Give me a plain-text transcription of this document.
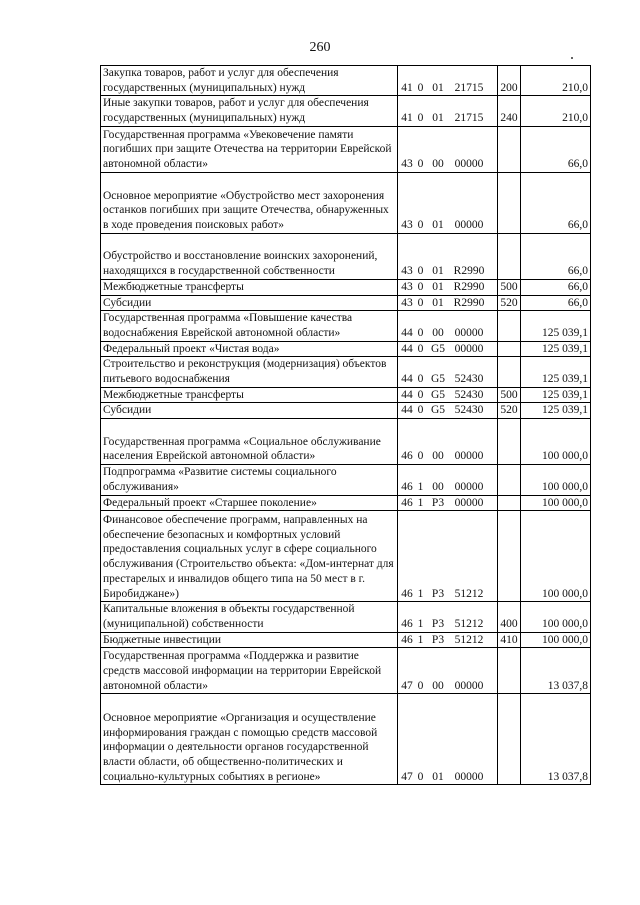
260
Закупка товаров, работ и услуг для обеспечения государственных (муниципальных) нужд	41 0 01 21715	200	210,0
Иные закупки товаров, работ и услуг для обеспечения государственных (муниципальных) нужд	41 0 01 21715	240	210,0
Государственная программа «Увековечение памяти погибших при защите Отечества на территории Еврейской автономной области»	43 0 00 00000		66,0
Основное мероприятие «Обустройство мест захоронения останков погибших при защите Отечества, обнаруженных в ходе проведения поисковых работ»	43 0 01 00000		66,0
Обустройство и восстановление воинских захоронений, находящихся в государственной собственности	43 0 01 R2990		66,0
Межбюджетные трансферты	43 0 01 R2990	500	66,0
Субсидии	43 0 01 R2990	520	66,0
Государственная программа «Повышение качества водоснабжения Еврейской автономной области»	44 0 00 00000		125 039,1
Федеральный проект «Чистая вода»	44 0 G5 00000		125 039,1
Строительство и реконструкция (модернизация) объектов питьевого водоснабжения	44 0 G5 52430		125 039,1
Межбюджетные трансферты	44 0 G5 52430	500	125 039,1
Субсидии	44 0 G5 52430	520	125 039,1
Государственная программа «Социальное обслуживание населения Еврейской автономной области»	46 0 00 00000		100 000,0
Подпрограмма «Развитие системы социального обслуживания»	46 1 00 00000		100 000,0
Федеральный проект «Старшее поколение»	46 1 P3 00000		100 000,0
Финансовое обеспечение программ, направленных на обеспечение безопасных и комфортных условий предоставления социальных услуг в сфере социального обслуживания (Строительство объекта: «Дом-интернат для престарелых и инвалидов общего типа на 50 мест в г. Биробиджане»)	46 1 P3 51212		100 000,0
Капитальные вложения в объекты государственной (муниципальной) собственности	46 1 P3 51212	400	100 000,0
Бюджетные инвестиции	46 1 P3 51212	410	100 000,0
Государственная программа «Поддержка и развитие средств массовой информации на территории Еврейской автономной области»	47 0 00 00000		13 037,8
Основное мероприятие «Организация и осуществление информирования граждан с помощью средств массовой информации о деятельности органов государственной власти области, об общественно-политических и социально-культурных событиях в регионе»	47 0 01 00000		13 037,8
